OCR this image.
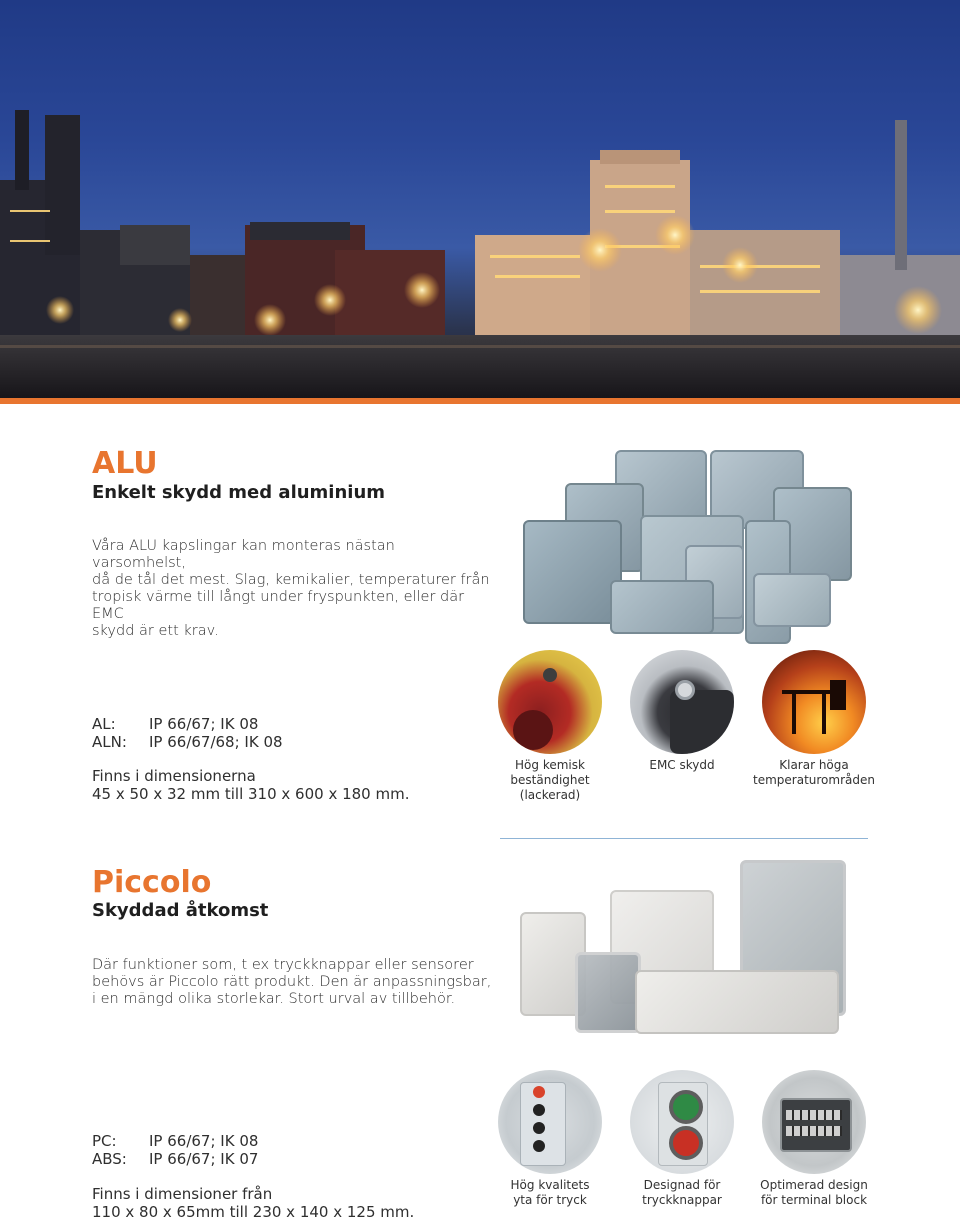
ALU
Enkelt skydd med aluminium
Våra ALU kapslingar kan monteras nästan varsomhelst,
då de tål det mest. Slag, kemikalier, temperaturer från
tropisk värme till långt under fryspunkten, eller där EMC
skydd är ett krav.
AL: IP 66/67; IK 08
ALN: IP 66/67/68; IK 08
Finns i dimensionerna
45 x 50 x 32 mm till 310 x 600 x 180 mm.
Hög kemisk
beständighet
(lackerad)
EMC skydd	Klarar höga
temperaturområden
Piccolo
Skyddad åtkomst
Där funktioner som, t ex tryckknappar eller sensorer
behövs är Piccolo rätt produkt. Den är anpassningsbar,
i en mängd olika storlekar. Stort urval av tillbehör.
PC: IP 66/67; IK 08
ABS: IP 66/67; IK 07
Finns i dimensioner från
110 x 80 x 65mm till 230 x 140 x 125 mm.
Hög kvalitets
yta för tryck
Designad för
tryckknappar
Optimerad design
för terminal block
